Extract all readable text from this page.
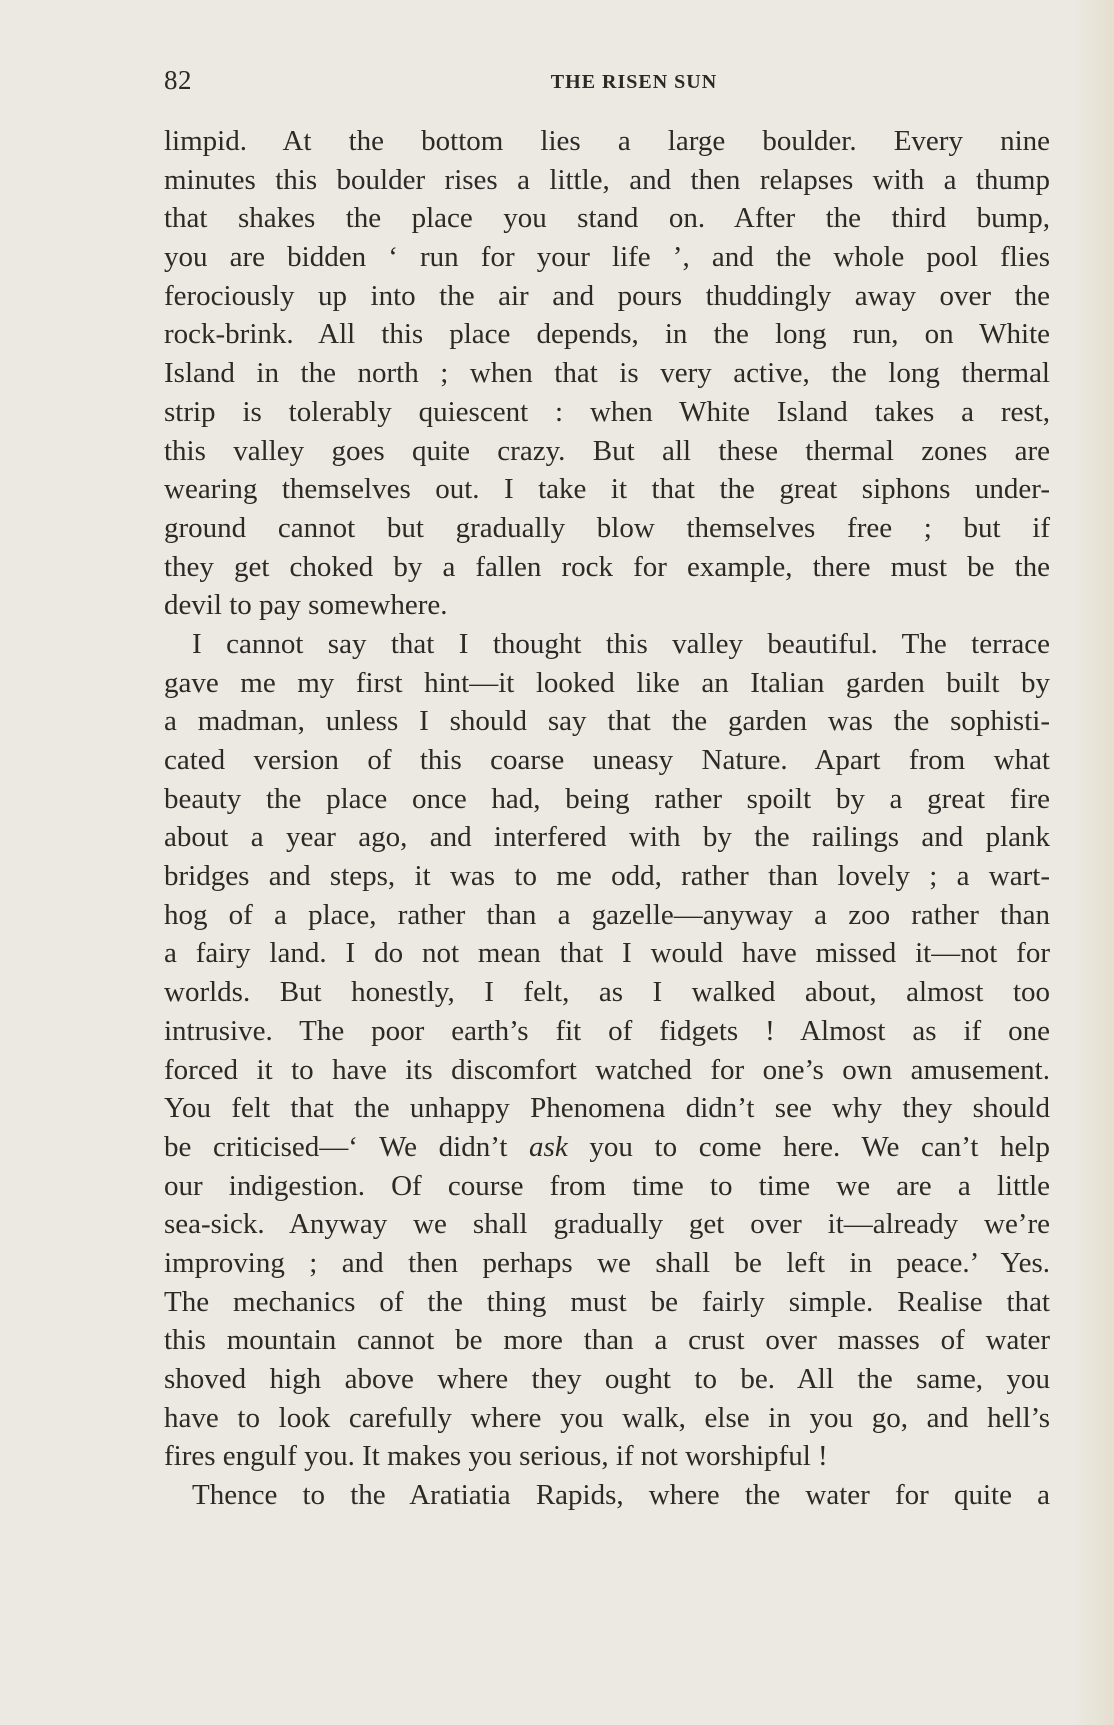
82	THE RISEN SUN
limpid. At the bottom lies a large boulder. Every nine
minutes this boulder rises a little, and then relapses with a thump
that shakes the place you stand on. After the third bump,
you are bidden ‘ run for your life ’, and the whole pool flies
ferociously up into the air and pours thuddingly away over the
rock-brink. All this place depends, in the long run, on White
Island in the north ; when that is very active, the long thermal
strip is tolerably quiescent : when White Island takes a rest,
this valley goes quite crazy. But all these thermal zones are
wearing themselves out. I take it that the great siphons under-
ground cannot but gradually blow themselves free ; but if
they get choked by a fallen rock for example, there must be the
devil to pay somewhere.
I cannot say that I thought this valley beautiful. The terrace
gave me my first hint—it looked like an Italian garden built by
a madman, unless I should say that the garden was the sophisti-
cated version of this coarse uneasy Nature. Apart from what
beauty the place once had, being rather spoilt by a great fire
about a year ago, and interfered with by the railings and plank
bridges and steps, it was to me odd, rather than lovely ; a wart-
hog of a place, rather than a gazelle—anyway a zoo rather than
a fairy land. I do not mean that I would have missed it—not for
worlds. But honestly, I felt, as I walked about, almost too
intrusive. The poor earth’s fit of fidgets ! Almost as if one
forced it to have its discomfort watched for one’s own amusement.
You felt that the unhappy Phenomena didn’t see why they should
be criticised—‘ We didn’t ask you to come here. We can’t help
our indigestion. Of course from time to time we are a little
sea-sick. Anyway we shall gradually get over it—already we’re
improving ; and then perhaps we shall be left in peace.’ Yes.
The mechanics of the thing must be fairly simple. Realise that
this mountain cannot be more than a crust over masses of water
shoved high above where they ought to be. All the same, you
have to look carefully where you walk, else in you go, and hell’s
fires engulf you. It makes you serious, if not worshipful !
Thence to the Aratiatia Rapids, where the water for quite a
